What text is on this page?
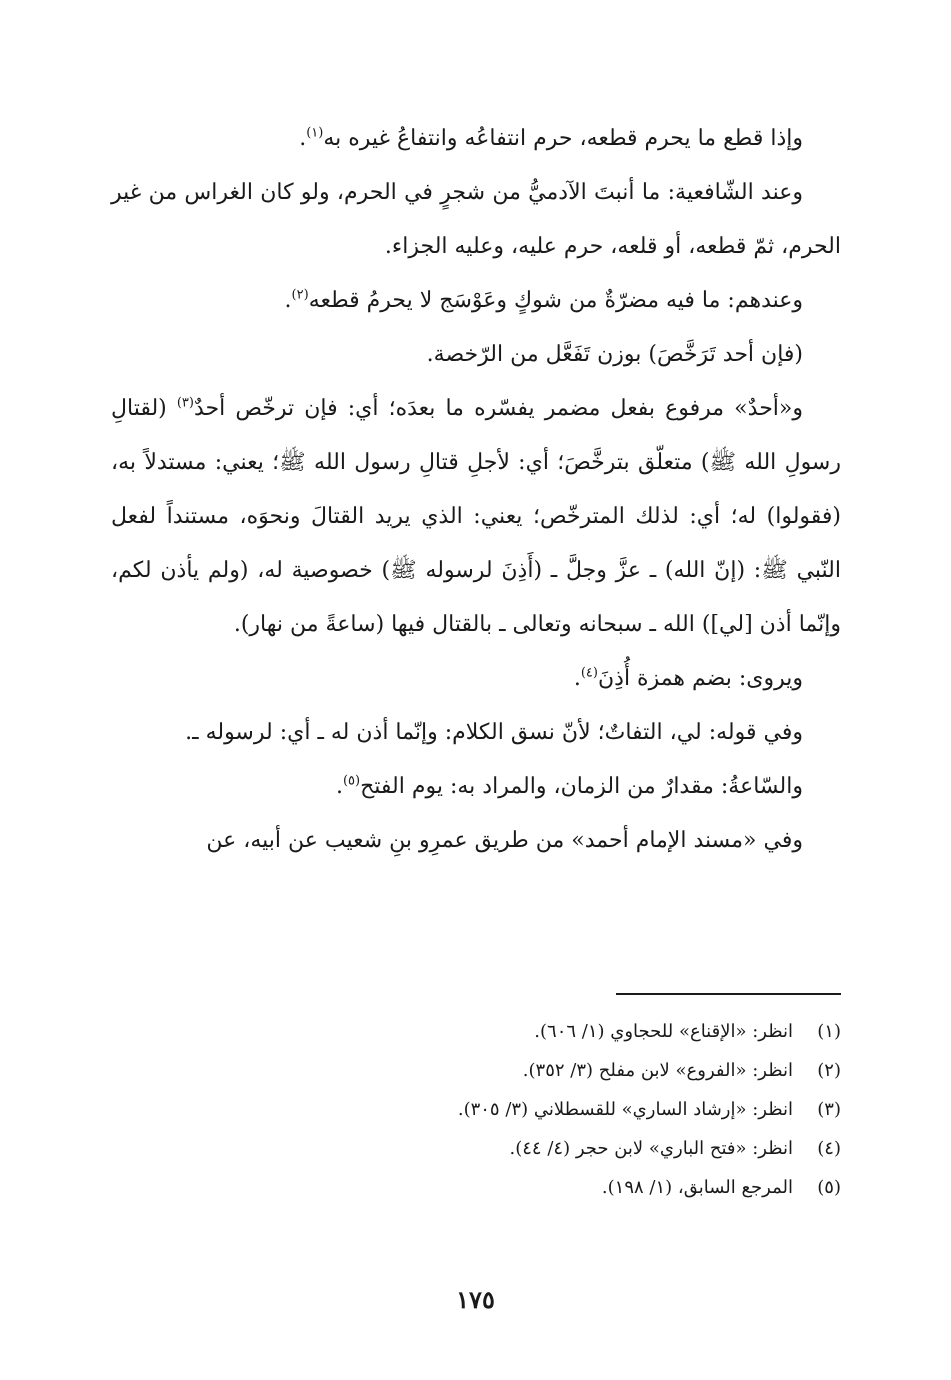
وإذا قطع ما يحرم قطعه، حرم انتفاعُه وانتفاعُ غيره به$^{(١)}$.

وعند الشّافعية: ما أنبتَ الآدميُّ من شجرٍ في الحرم، ولو كان الغراس من غير الحرم، ثمّ قطعه، أو قلعه، حرم عليه، وعليه الجزاء.

وعندهم: ما فيه مضرّةٌ من شوكٍ وعَوْسَج لا يحرمُ قطعه$^{(٢)}$.

(فإن أحد تَرَخَّصَ) بوزن تَفَعَّل من الرّخصة.

و«أحدٌ» مرفوع بفعل مضمر يفسّره ما بعدَه؛ أي: فإن ترخّص أحدٌ$^{(٣)}$ (لقتالِ رسولِ الله ﷺ) متعلّق بترخَّصَ؛ أي: لأجلِ قتالِ رسول الله ﷺ؛ يعني: مستدلاً به، (فقولوا) له؛ أي: لذلك المترخّص؛ يعني: الذي يريد القتالَ ونحوَه، مستنداً لفعل النّبي ﷺ: (إنّ الله) ـ عزَّ وجلَّ ـ (أَذِنَ لرسوله ﷺ) خصوصية له، (ولم يأذن لكم، وإنّما أذن [لي]) الله ـ سبحانه وتعالى ـ بالقتال فيها (ساعةً من نهار).

ويروى: بضم همزة أُذِنَ$^{(٤)}$.

وفي قوله: لي، التفاتٌ؛ لأنّ نسق الكلام: وإنّما أذن له ـ أي: لرسوله ـ.

والسّاعةُ: مقدارٌ من الزمان، والمراد به: يوم الفتح$^{(٥)}$.

وفي «مسند الإمام أحمد» من طريق عمرِو بنِ شعيب عن أبيه، عن

(١)
انظر: «الإقناع» للحجاوي (١/ ٦٠٦).
(٢)
انظر: «الفروع» لابن مفلح (٣/ ٣٥٢).
(٣)
انظر: «إرشاد الساري» للقسطلاني (٣/ ٣٠٥).
(٤)
انظر: «فتح الباري» لابن حجر (٤/ ٤٤).
(٥)
المرجع السابق، (١/ ١٩٨).
١٧٥
